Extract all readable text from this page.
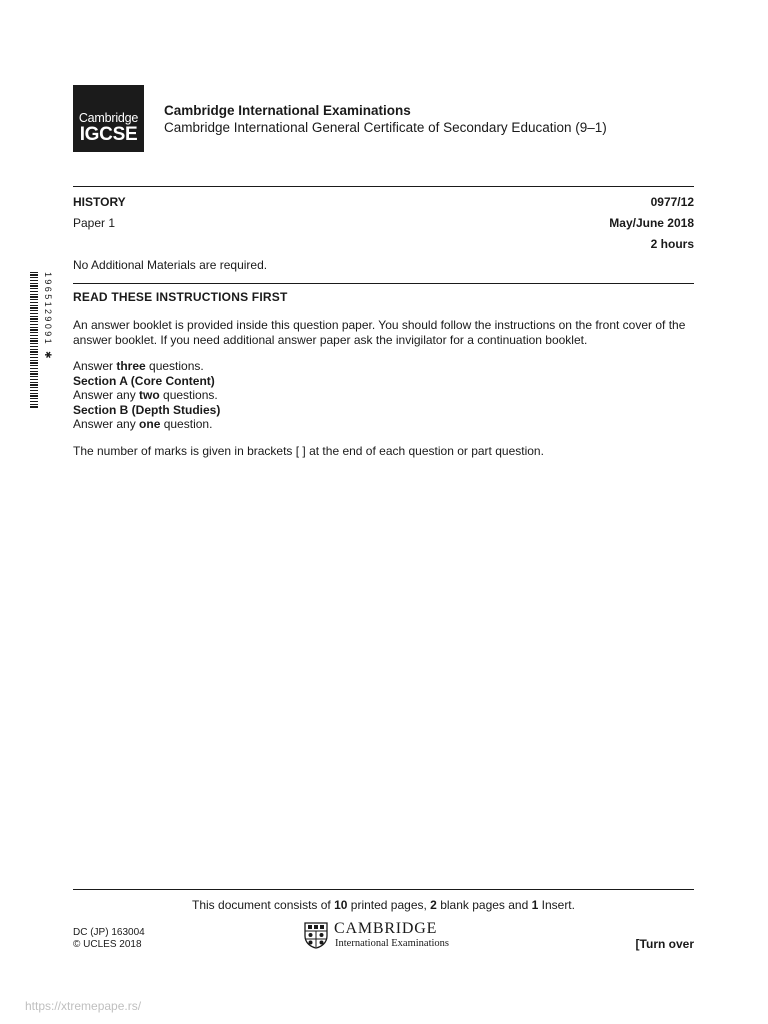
Cambridge
IGCSE
Cambridge International Examinations
Cambridge International General Certificate of Secondary Education (9–1)
HISTORY	0977/12
Paper 1	May/June 2018
2 hours
No Additional Materials are required.
1965129091 ✱ READ THESE INSTRUCTIONS FIRST
An answer booklet is provided inside this question paper. You should follow the instructions on the front cover of the answer booklet. If you need additional answer paper ask the invigilator for a continuation booklet.
Answer three questions.
Section A (Core Content)
Answer any two questions.
Section B (Depth Studies)
Answer any one question.
The number of marks is given in brackets [ ] at the end of each question or part question.
This document consists of 10 printed pages, 2 blank pages and 1 Insert.
DC (JP) 163004
© UCLES 2018
CAMBRIDGE
International Examinations	[Turn over
https://xtremepape.rs/
